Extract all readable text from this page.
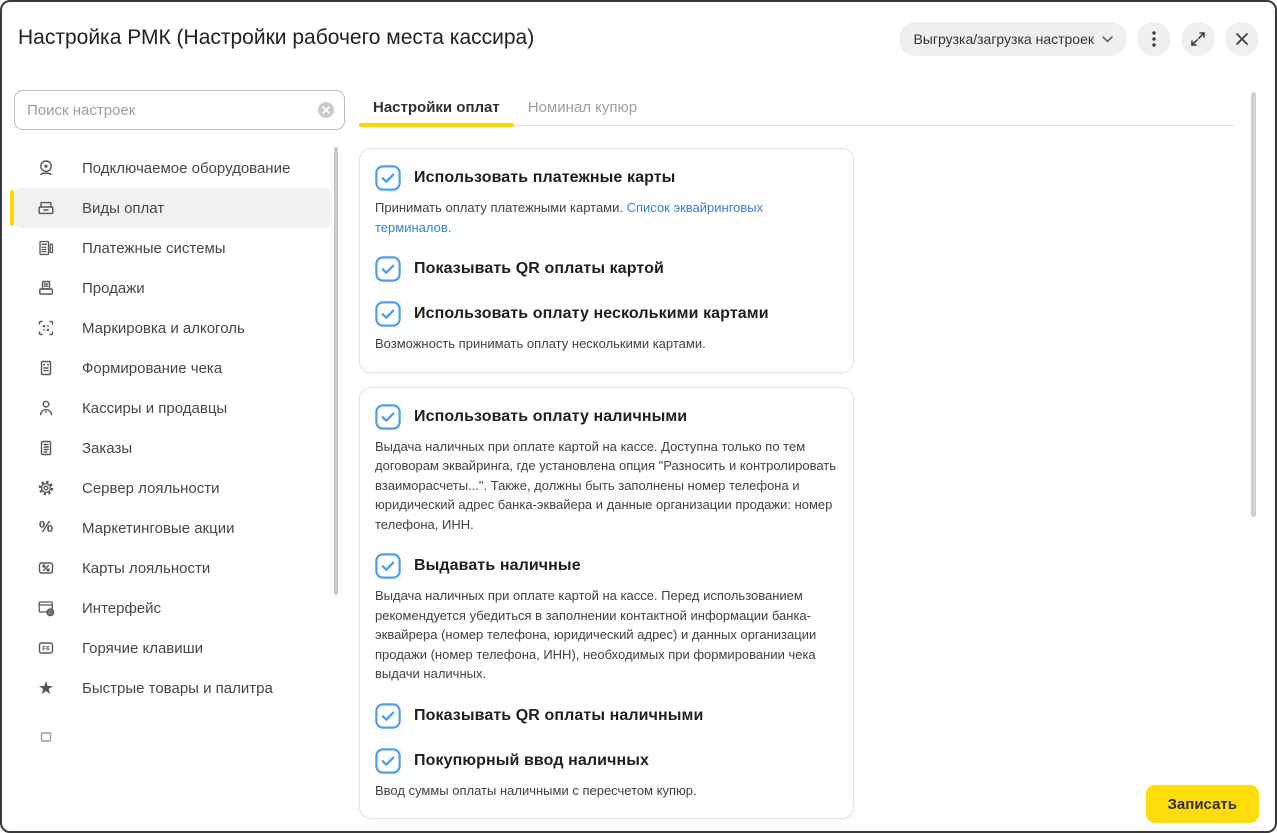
Настройка РМК (Настройки рабочего места кассира)	Выгрузка/загрузка настроек
Поиск настроек
Подключаемое оборудование
Виды оплат
Платежные системы
Продажи
Маркировка и алкоголь
Формирование чека
Кассиры и продавцы
Заказы
Сервер лояльности
% Маркетинговые акции
Карты лояльности
Интерфейс
F6 Горячие клавиши
★ Быстрые товары и палитра
Настройки оплат	Номинал купюр
Использовать платежные карты
Принимать оплату платежными картами. Список эквайринговых терминалов.
Показывать QR оплаты картой
Использовать оплату несколькими картами
Возможность принимать оплату несколькими картами.
Использовать оплату наличными
Выдача наличных при оплате картой на кассе. Доступна только по тем договорам эквайринга, где установлена опция "Разносить и контролировать взаиморасчеты...". Также, должны быть заполнены номер телефона и юридический адрес банка-эквайера и данные организации продажи: номер телефона, ИНН.
Выдавать наличные
Выдача наличных при оплате картой на кассе. Перед использованием рекомендуется убедиться в заполнении контактной информации банка-эквайрера (номер телефона, юридический адрес) и данных организации продажи (номер телефона, ИНН), необходимых при формировании чека выдачи наличных.
Показывать QR оплаты наличными
Покупюрный ввод наличных
Ввод суммы оплаты наличными с пересчетом купюр.
Записать
